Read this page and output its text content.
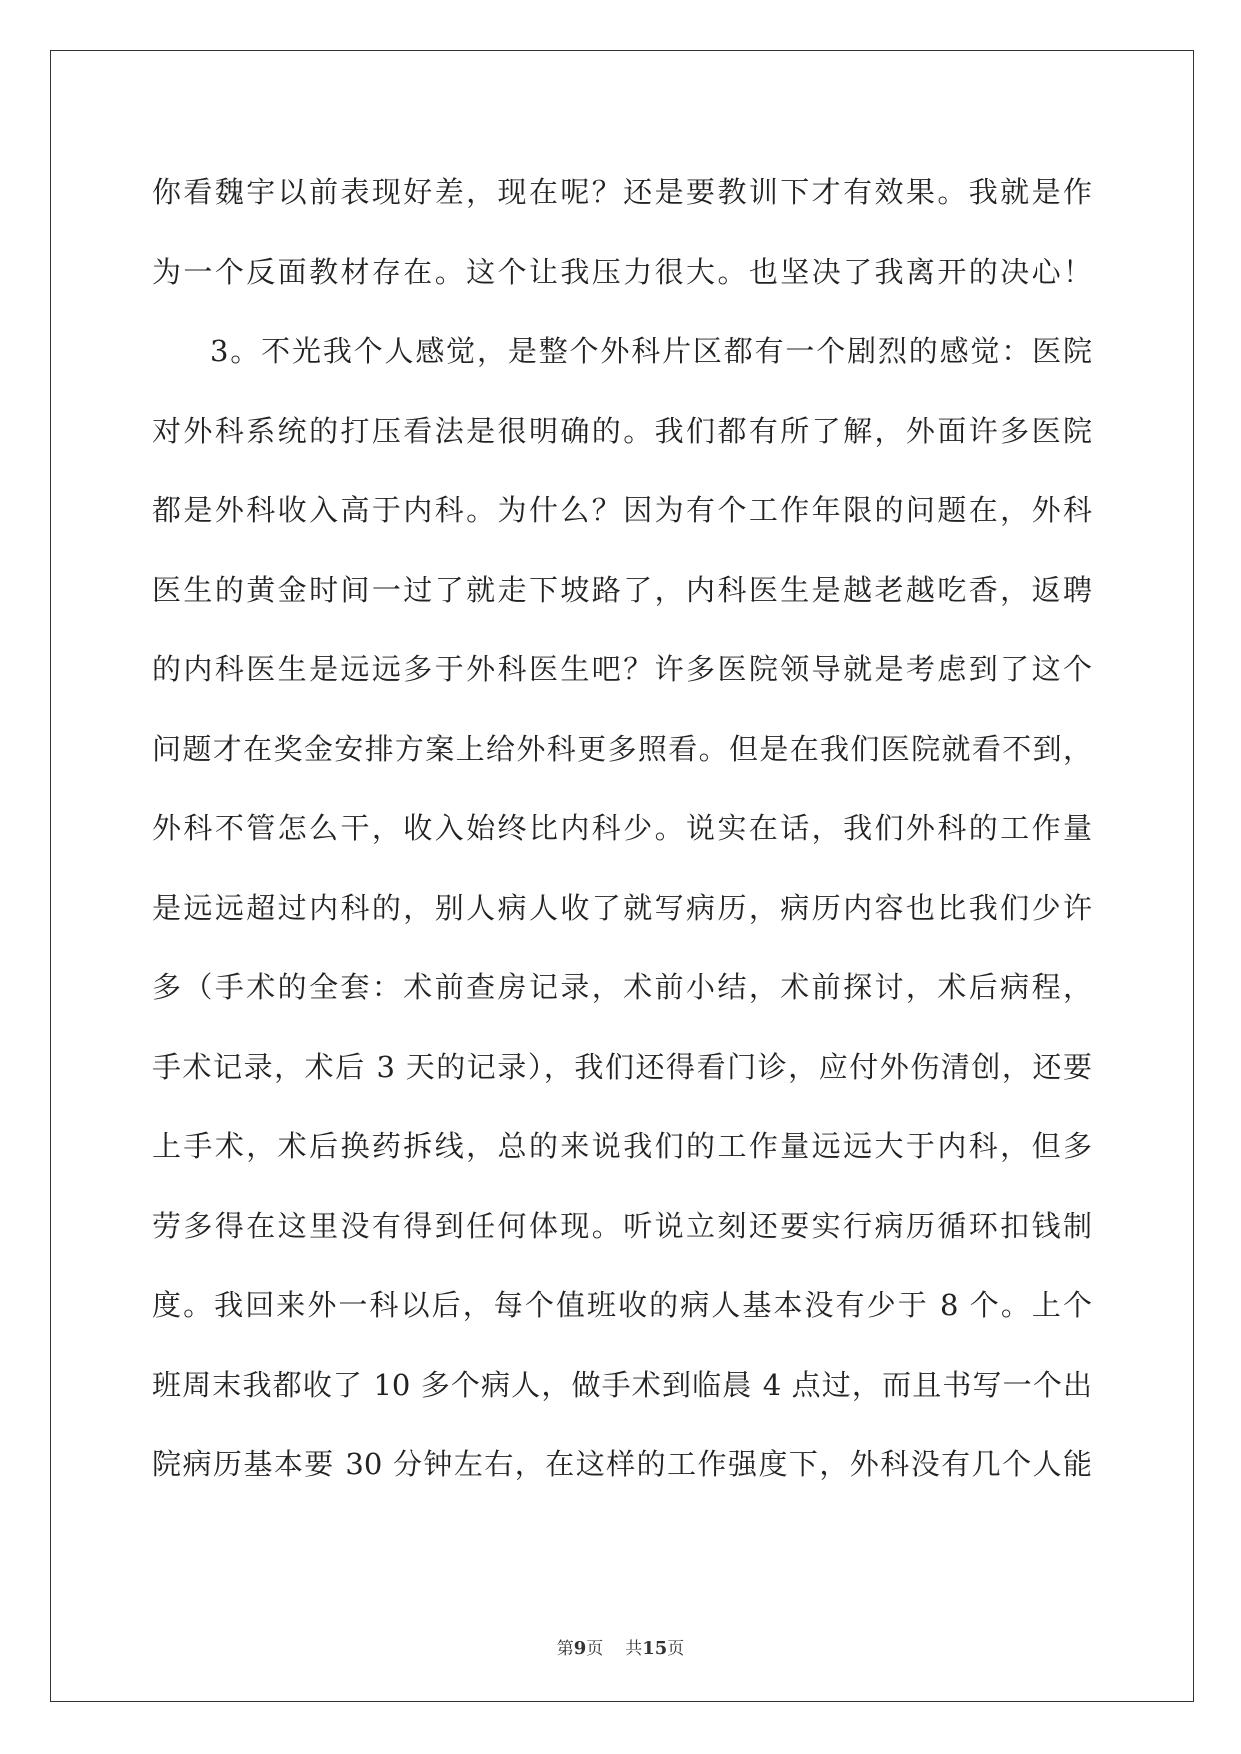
你看魏宇以前表现好差，现在呢？还是要教训下才有效果。我就是作
为一个反面教材存在。这个让我压力很大。也坚决了我离开的决心！
3。不光我个人感觉，是整个外科片区都有一个剧烈的感觉：医院
对外科系统的打压看法是很明确的。我们都有所了解，外面许多医院
都是外科收入高于内科。为什么？因为有个工作年限的问题在，外科
医生的黄金时间一过了就走下坡路了，内科医生是越老越吃香，返聘
的内科医生是远远多于外科医生吧？许多医院领导就是考虑到了这个
问题才在奖金安排方案上给外科更多照看。但是在我们医院就看不到，
外科不管怎么干，收入始终比内科少。说实在话，我们外科的工作量
是远远超过内科的，别人病人收了就写病历，病历内容也比我们少许
多（手术的全套：术前查房记录，术前小结，术前探讨，术后病程，
手术记录，术后 3 天的记录），我们还得看门诊，应付外伤清创，还要
上手术，术后换药拆线，总的来说我们的工作量远远大于内科，但多
劳多得在这里没有得到任何体现。听说立刻还要实行病历循环扣钱制
度。我回来外一科以后，每个值班收的病人基本没有少于 8 个。上个
班周末我都收了 10 多个病人，做手术到临晨 4 点过，而且书写一个出
院病历基本要 30 分钟左右，在这样的工作强度下，外科没有几个人能
第9页 共15页
